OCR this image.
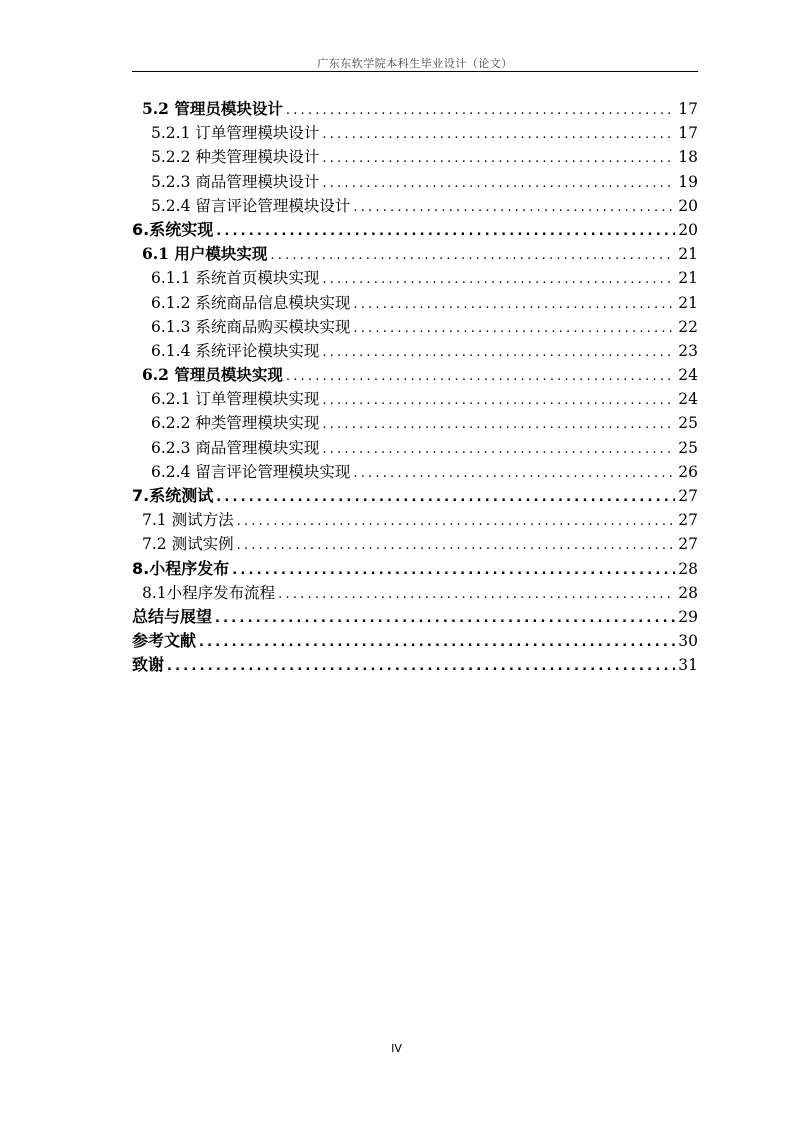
广东东软学院本科生毕业设计（论文）
5.2 管理员模块设计 .....	17
5.2.1 订单管理模块设计 .....	17
5.2.2 种类管理模块设计 .....	18
5.2.3 商品管理模块设计 .....	19
5.2.4 留言评论管理模块设计 .....	20
6.系统实现 .....	20
6.1 用户模块实现 .....	21
6.1.1 系统首页模块实现 .....	21
6.1.2 系统商品信息模块实现 .....	21
6.1.3 系统商品购买模块实现 .....	22
6.1.4 系统评论模块实现 .....	23
6.2 管理员模块实现 .....	24
6.2.1 订单管理模块实现 .....	24
6.2.2 种类管理模块实现 .....	25
6.2.3 商品管理模块实现 .....	25
6.2.4 留言评论管理模块实现 .....	26
7.系统测试 .....	27
7.1 测试方法 .....	27
7.2 测试实例 .....	27
8.小程序发布 .....	28
8.1小程序发布流程 .....	28
总结与展望 .....	29
参考文献 .....	30
致谢 .....	31
IV
